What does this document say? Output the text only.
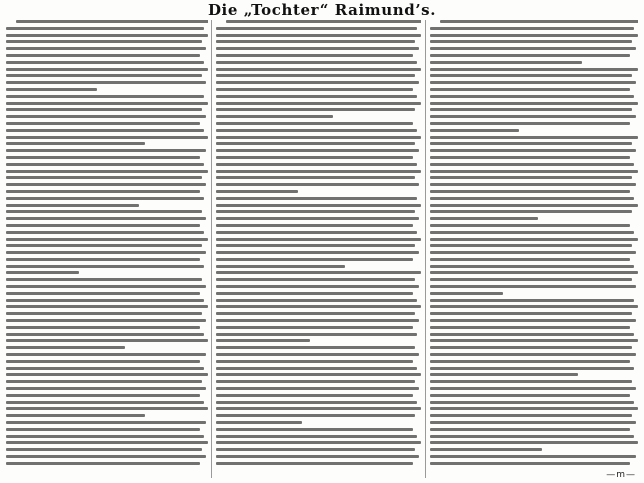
Die „Tochter“ Raimund’s.
—m—
